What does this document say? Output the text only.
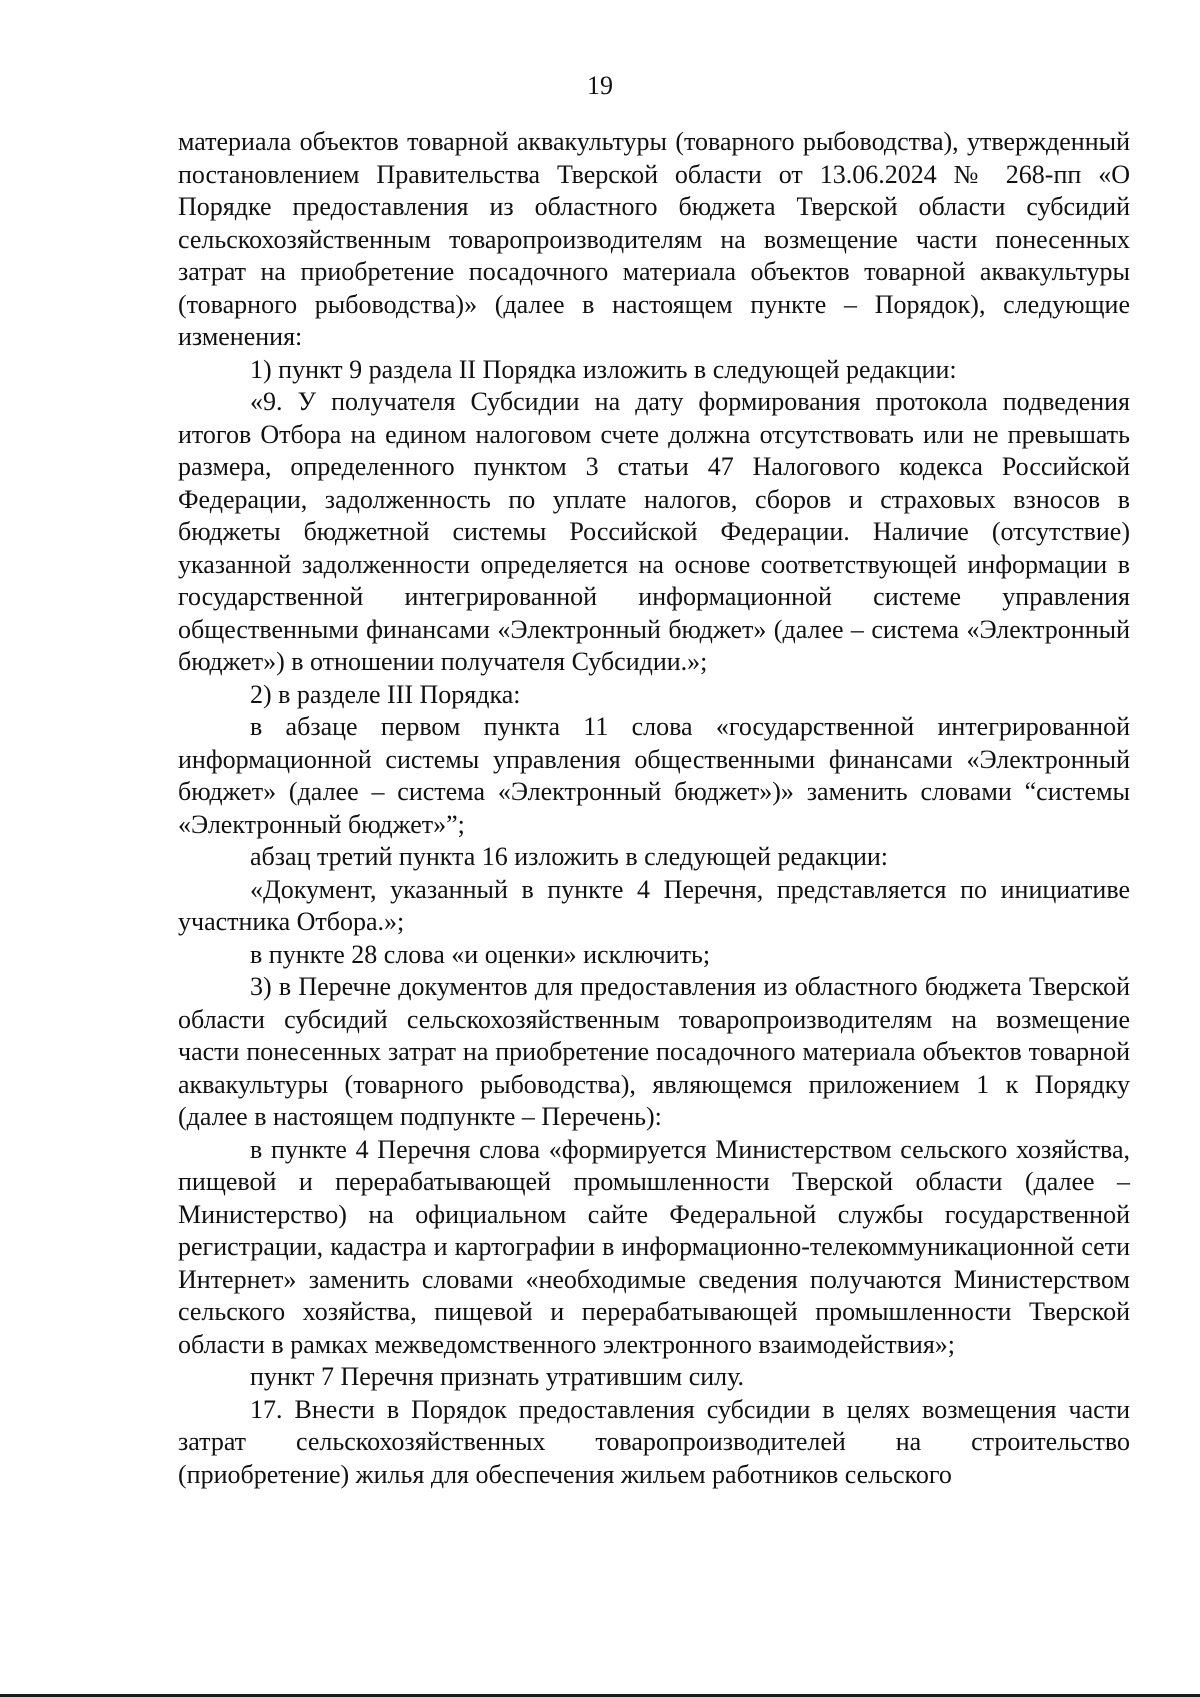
19

материала объектов товарной аквакультуры (товарного рыбоводства), утвержденный постановлением Правительства Тверской области от 13.06.2024 № 268-пп «О Порядке предоставления из областного бюджета Тверской области субсидий сельскохозяйственным товаропроизводителям на возмещение части понесенных затрат на приобретение посадочного материала объектов товарной аквакультуры (товарного рыбоводства)» (далее в настоящем пункте – Порядок), следующие изменения:

1) пункт 9 раздела II Порядка изложить в следующей редакции:

«9. У получателя Субсидии на дату формирования протокола подведения итогов Отбора на едином налоговом счете должна отсутствовать или не превышать размера, определенного пунктом 3 статьи 47 Налогового кодекса Российской Федерации, задолженность по уплате налогов, сборов и страховых взносов в бюджеты бюджетной системы Российской Федерации. Наличие (отсутствие) указанной задолженности определяется на основе соответствующей информации в государственной интегрированной информационной системе управления общественными финансами «Электронный бюджет» (далее – система «Электронный бюджет») в отношении получателя Субсидии.»;

2) в разделе III Порядка:

в абзаце первом пункта 11 слова «государственной интегрированной информационной системы управления общественными финансами «Электронный бюджет» (далее – система «Электронный бюджет»)» заменить словами “системы «Электронный бюджет»”;

абзац третий пункта 16 изложить в следующей редакции:

«Документ, указанный в пункте 4 Перечня, представляется по инициативе участника Отбора.»;

в пункте 28 слова «и оценки» исключить;

3) в Перечне документов для предоставления из областного бюджета Тверской области субсидий сельскохозяйственным товаропроизводителям на возмещение части понесенных затрат на приобретение посадочного материала объектов товарной аквакультуры (товарного рыбоводства), являющемся приложением 1 к Порядку (далее в настоящем подпункте – Перечень):

в пункте 4 Перечня слова «формируется Министерством сельского хозяйства, пищевой и перерабатывающей промышленности Тверской области (далее – Министерство) на официальном сайте Федеральной службы государственной регистрации, кадастра и картографии в информационно-телекоммуникационной сети Интернет» заменить словами «необходимые сведения получаются Министерством сельского хозяйства, пищевой и перерабатывающей промышленности Тверской области в рамках межведомственного электронного взаимодействия»;

пункт 7 Перечня признать утратившим силу.

17. Внести в Порядок предоставления субсидии в целях возмещения части затрат сельскохозяйственных товаропроизводителей на строительство (приобретение) жилья для обеспечения жильем работников сельского
